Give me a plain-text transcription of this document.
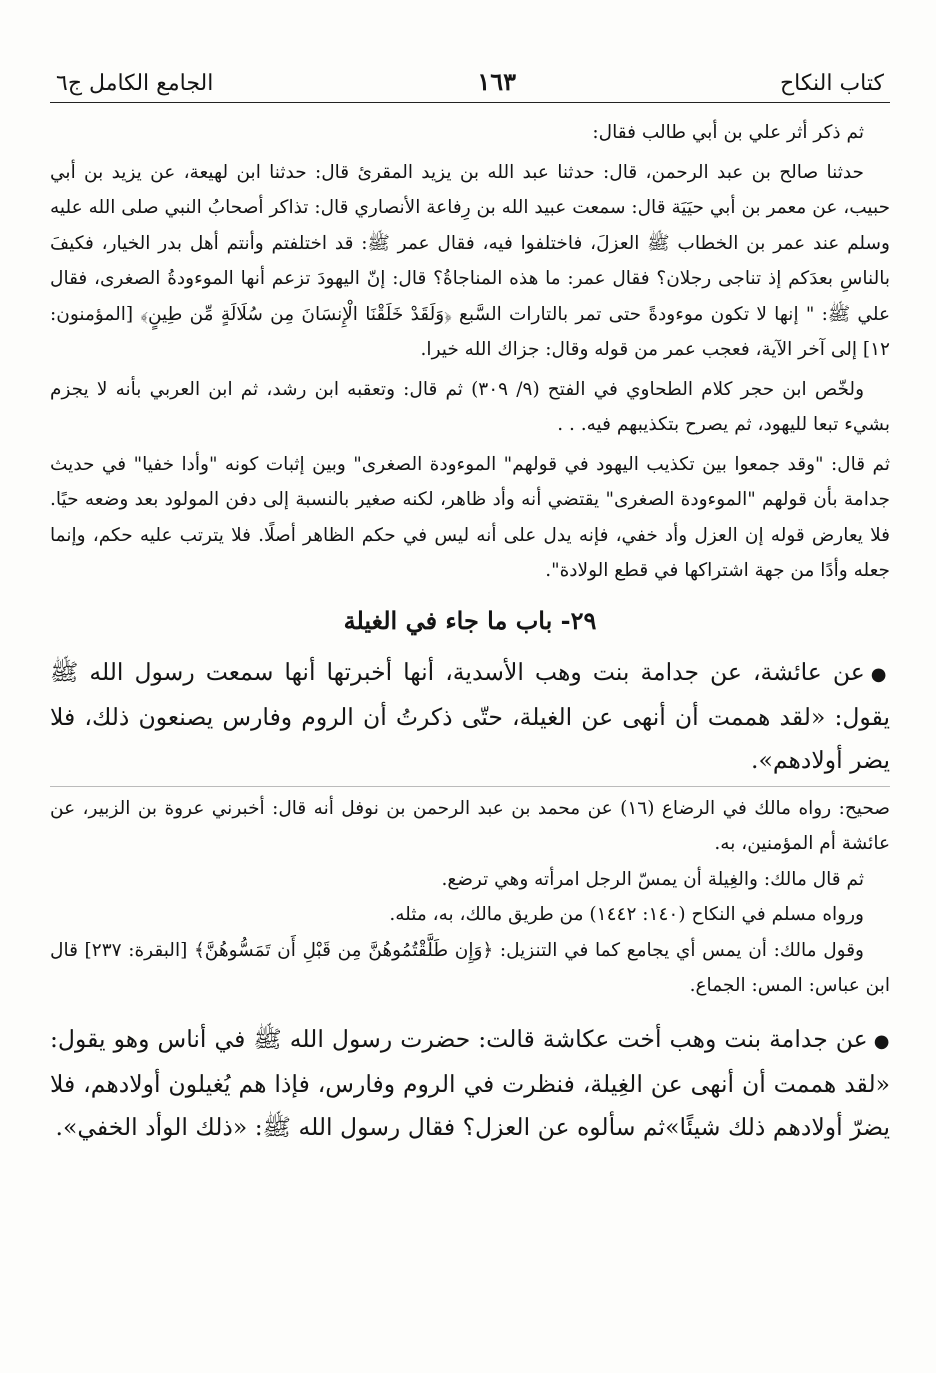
كتاب النكاح
١٦٣
الجامع الكامل ج٦

ثم ذكر أثر علي بن أبي طالب فقال:

حدثنا صالح بن عبد الرحمن، قال: حدثنا عبد الله بن يزيد المقرئ قال: حدثنا ابن لهيعة، عن يزيد بن أبي حبيب، عن معمر بن أبي حيَيَة قال: سمعت عبيد الله بن رِفاعة الأنصاري قال: تذاكر أصحابُ النبي صلى الله عليه وسلم عند عمر بن الخطاب ﷺ العزلَ، فاختلفوا فيه، فقال عمر ﷺ: قد اختلفتم وأنتم أهل بدر الخيار، فكيفَ بالناسِ بعدَكم إذ تناجى رجلان؟ فقال عمر: ما هذه المناجاةُ؟ قال: إنّ اليهودَ تزعم أنها الموءودةُ الصغرى، فقال علي ﷺ: " إنها لا تكون موءودةً حتى تمر بالتارات السَّبع ﴿وَلَقَدْ خَلَقْنَا الْإِنسَانَ مِن سُلَالَةٍ مِّن طِينٍ﴾ [المؤمنون: ١٢] إلى آخر الآية، فعجب عمر من قوله وقال: جزاك الله خيرا.

ولخّص ابن حجر كلام الطحاوي في الفتح (٩/ ٣٠٩) ثم قال: وتعقبه ابن رشد، ثم ابن العربي بأنه لا يجزم بشيء تبعا لليهود، ثم يصرح بتكذيبهم فيه. . .

ثم قال: "وقد جمعوا بين تكذيب اليهود في قولهم" الموءودة الصغرى" وبين إثبات كونه "وأدا خفيا" في حديث جدامة بأن قولهم "الموءودة الصغرى" يقتضي أنه وأد ظاهر، لكنه صغير بالنسبة إلى دفن المولود بعد وضعه حيًا. فلا يعارض قوله إن العزل وأد خفي، فإنه يدل على أنه ليس في حكم الظاهر أصلًا. فلا يترتب عليه حكم، وإنما جعله وأدًا من جهة اشتراكها في قطع الولادة".

٢٩- باب ما جاء في الغيلة

●عن عائشة، عن جدامة بنت وهب الأسدية، أنها أخبرتها أنها سمعت رسول الله ﷺ يقول: «لقد هممت أن أنهى عن الغيلة، حتّى ذكرتُ أن الروم وفارس يصنعون ذلك، فلا يضر أولادهم».

صحيح: رواه مالك في الرضاع (١٦) عن محمد بن عبد الرحمن بن نوفل أنه قال: أخبرني عروة بن الزبير، عن عائشة أم المؤمنين، به.

ثم قال مالك: والغِيلة أن يمسّ الرجل امرأته وهي ترضع.

ورواه مسلم في النكاح (١٤٠: ١٤٤٢) من طريق مالك، به، مثله.

وقول مالك: أن يمس أي يجامع كما في التنزيل: ﴿وَإِن طَلَّقْتُمُوهُنَّ مِن قَبْلِ أَن تَمَسُّوهُنَّ﴾ [البقرة: ٢٣٧] قال ابن عباس: المس: الجماع.

●عن جدامة بنت وهب أخت عكاشة قالت: حضرت رسول الله ﷺ في أناس وهو يقول: «لقد هممت أن أنهى عن الغِيلة، فنظرت في الروم وفارس، فإذا هم يُغيلون أولادهم، فلا يضرّ أولادهم ذلك شيئًا»ثم سألوه عن العزل؟ فقال رسول الله ﷺ: «ذلك الوأد الخفي».
